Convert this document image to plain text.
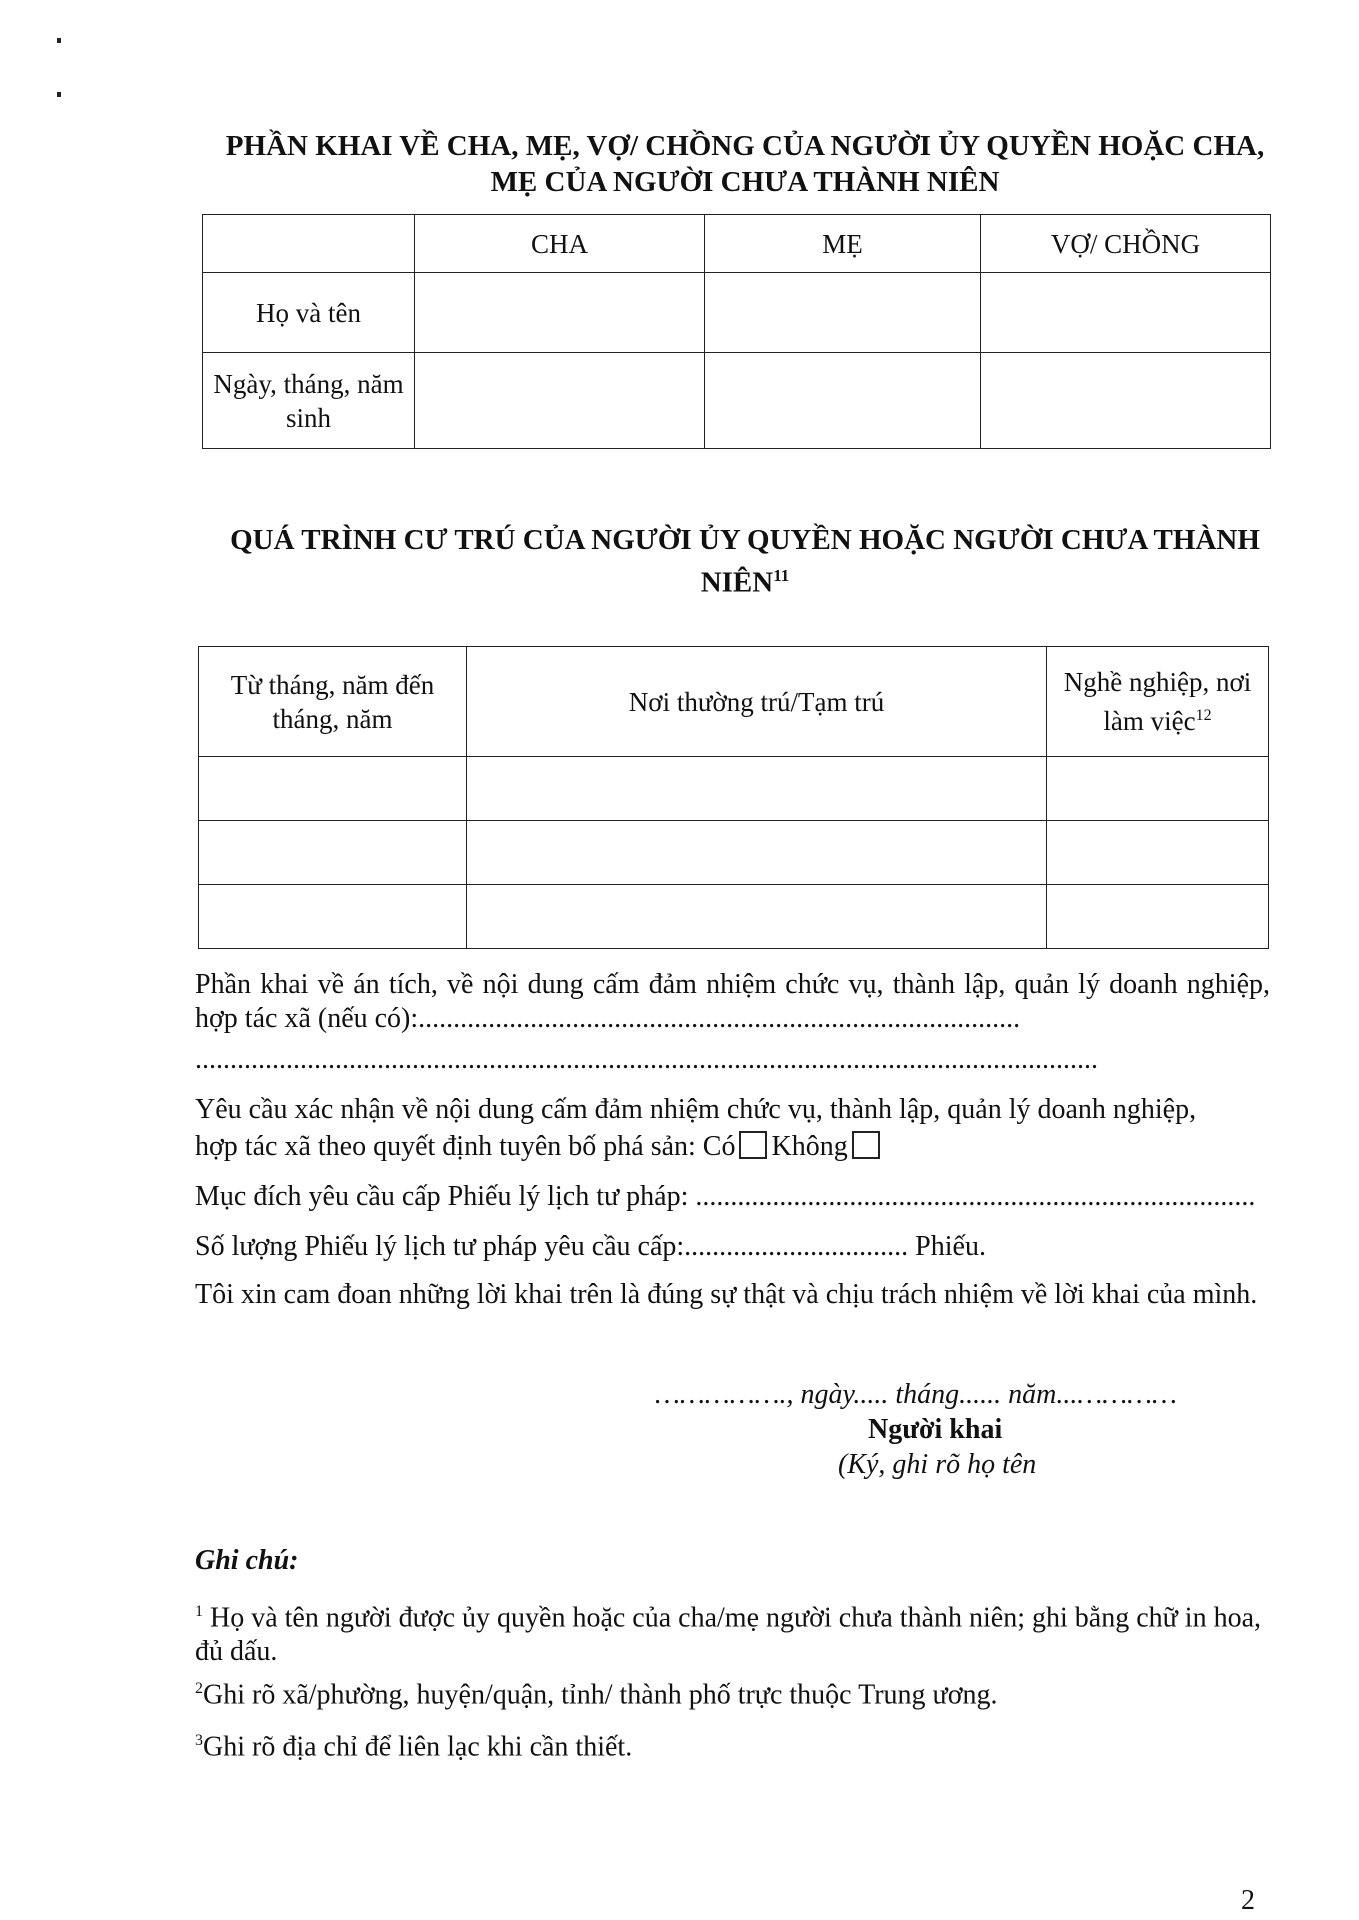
PHẦN KHAI VỀ CHA, MẸ, VỢ/ CHỒNG CỦA NGƯỜI ỦY QUYỀN HOẶC CHA,
MẸ CỦA NGƯỜI CHƯA THÀNH NIÊN
	CHA	MẸ	VỢ/ CHỒNG
Họ và tên			
Ngày, tháng, năm sinh			
QUÁ TRÌNH CƯ TRÚ CỦA NGƯỜI ỦY QUYỀN HOẶC NGƯỜI CHƯA THÀNH
NIÊN$^{11}$
Từ tháng, năm đến tháng, năm	Nơi thường trú/Tạm trú	Nghề nghiệp, nơi làm việc$^{12}$

Phần khai về án tích, về nội dung cấm đảm nhiệm chức vụ, thành lập, quản lý doanh nghiệp, hợp tác xã (nếu có):......................................................................................
.................................................................................................................................
Yêu cầu xác nhận về nội dung cấm đảm nhiệm chức vụ, thành lập, quản lý doanh nghiệp,
hợp tác xã theo quyết định tuyên bố phá sản: Có Không
Mục đích yêu cầu cấp Phiếu lý lịch tư pháp: ................................................................................
Số lượng Phiếu lý lịch tư pháp yêu cầu cấp:................................ Phiếu.
Tôi xin cam đoan những lời khai trên là đúng sự thật và chịu trách nhiệm về lời khai của mình.
……………., ngày..... tháng...... năm...…………
Người khai
(Ký, ghi rõ họ tên
Ghi chú:
$^1$ Họ và tên người được ủy quyền hoặc của cha/mẹ người chưa thành niên; ghi bằng chữ in hoa, đủ dấu.
$^2$Ghi rõ xã/phường, huyện/quận, tỉnh/ thành phố trực thuộc Trung ương.
$^3$Ghi rõ địa chỉ để liên lạc khi cần thiết.
2
